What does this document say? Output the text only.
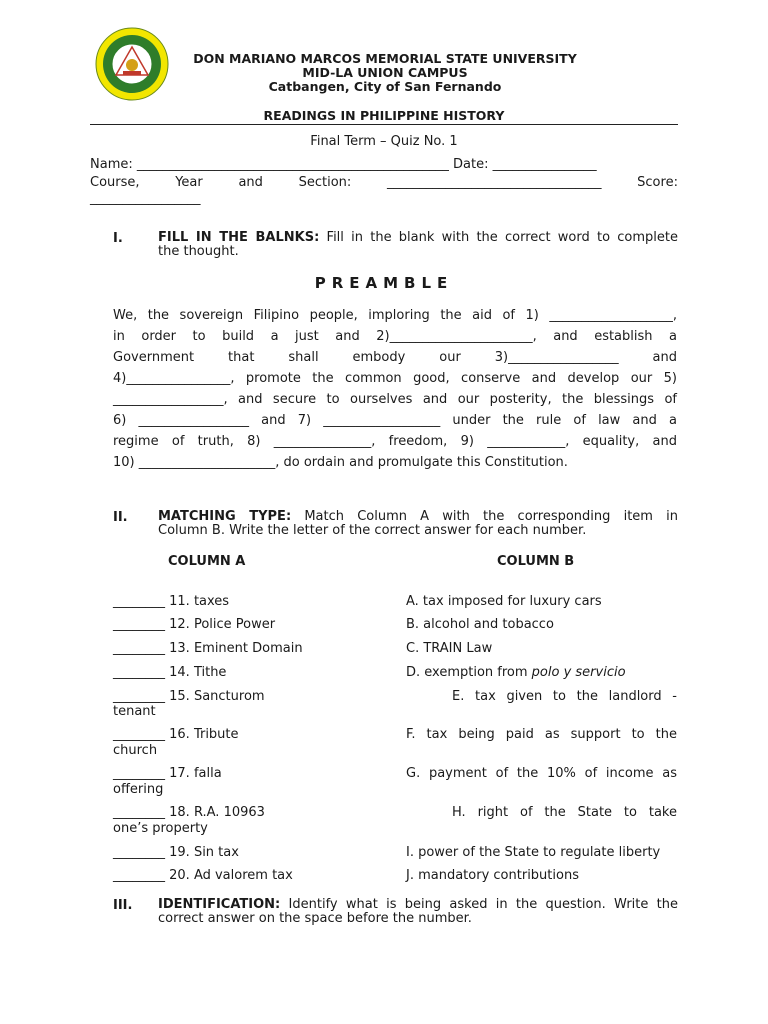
DON MARIANO MARCOS MEMORIAL STATE UNIVERSITY
MID-LA UNION CAMPUS
Catbangen, City of San Fernando
READINGS IN PHILIPPINE HISTORY
Final Term – Quiz No. 1
Name: ________________________________________________ Date: ________________
Course,	Year	and	Section:	_________________________________	Score:
_________________
I.	FILL IN THE BALNKS: Fill in the blank with the correct word to complete
the thought.
PREAMBLE
We, the sovereign Filipino people, imploring the aid of 1) ___________________,
in order to build a just and 2)______________________, and establish a
Government that shall embody our 3)_________________ and
4)________________, promote the common good, conserve and develop our 5)
_________________, and secure to ourselves and our posterity, the blessings of
6) _________________ and 7) __________________ under the rule of law and a
regime of truth, 8) _______________, freedom, 9) ____________, equality, and
10) _____________________, do ordain and promulgate this Constitution.
II. MATCHING TYPE: Match Column A with the corresponding item in
Column B. Write the letter of the correct answer for each number.
COLUMN A	COLUMN B
________ 11. taxes	A. tax imposed for luxury cars
________ 12. Police Power	B. alcohol and tobacco
________ 13. Eminent Domain	C. TRAIN Law
________ 14. Tithe	D. exemption from polo y servicio
________ 15. Sancturom	E. tax given to the landlord -
tenant
________ 16. Tribute	F. tax being paid as support to the
church
________ 17. falla	G. payment of the 10% of income as
offering
________ 18. R.A. 10963	H. right of the State to take
one’s property
________ 19. Sin tax	I. power of the State to regulate liberty
________ 20. Ad valorem tax	J. mandatory contributions
III. IDENTIFICATION: Identify what is being asked in the question. Write the
correct answer on the space before the number.
